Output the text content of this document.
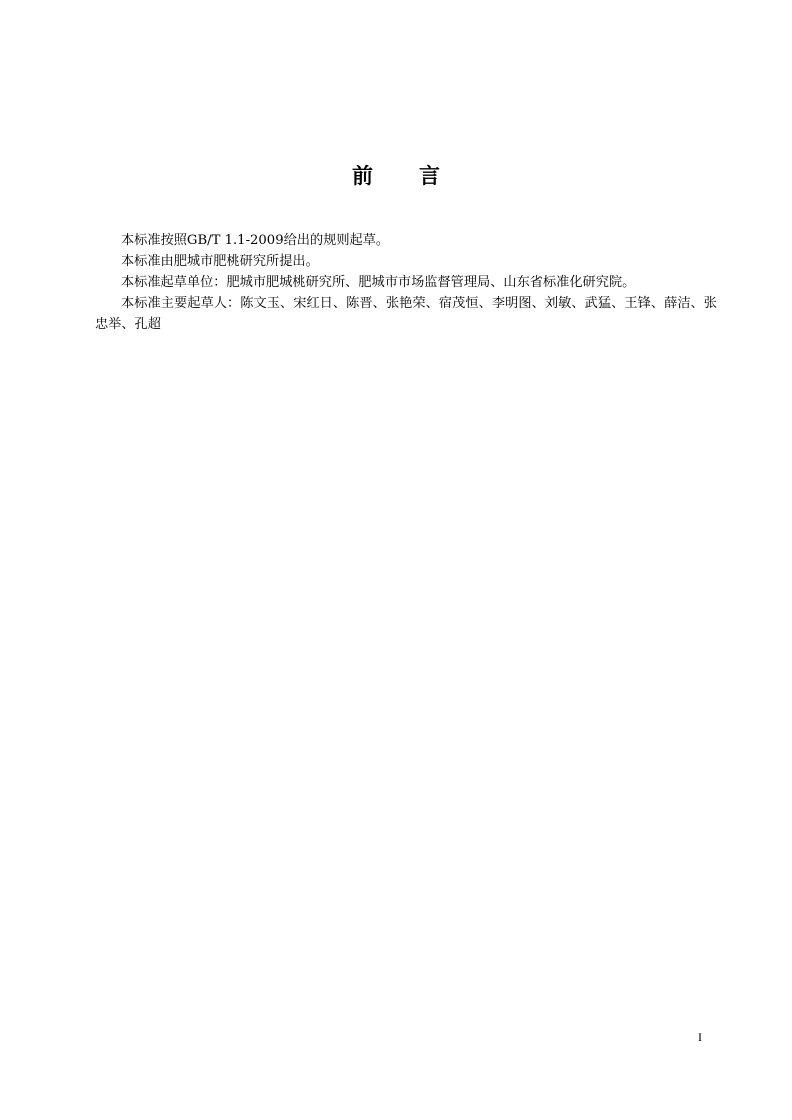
前 言

本标准按照GB/T 1.1-2009给出的规则起草。

本标准由肥城市肥桃研究所提出。

本标准起草单位：肥城市肥城桃研究所、肥城市市场监督管理局、山东省标准化研究院。

本标准主要起草人：陈文玉、宋红日、陈晋、张艳荣、宿茂恒、李明图、刘敏、武猛、王锋、薛洁、张忠举、孔超

I
